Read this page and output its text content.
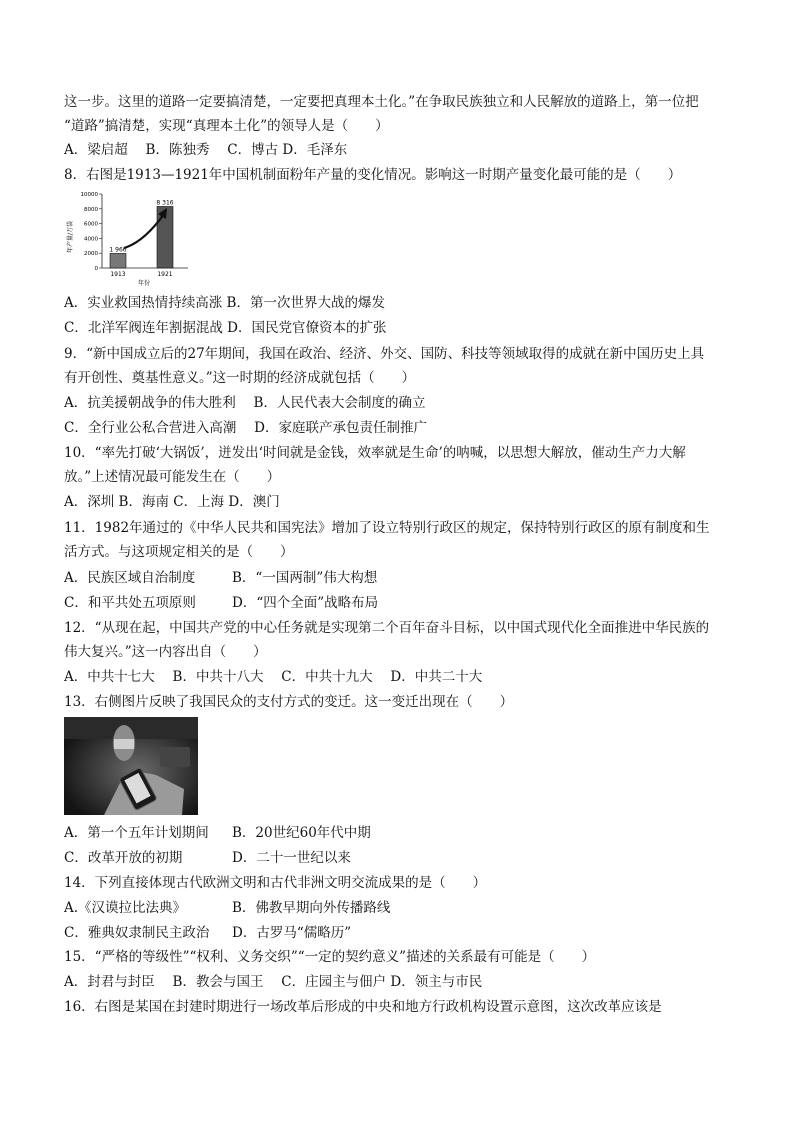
这一步。这里的道路一定要搞清楚，一定要把真理本土化。”在争取民族独立和人民解放的道路上，第一位把
“道路”搞清楚，实现“真理本土化”的领导人是（　　）
A．梁启超　 B．陈独秀　 C．博古 D．毛泽东
8．右图是1913—1921年中国机制面粉年产量的变化情况。影响这一时期产量变化最可能的是（　　）
年产量/万袋
10000
8000
6000
4000
2000
0
1 966
8 316
1913	1921
年份
A．实业救国热情持续高涨 B．第一次世界大战的爆发
C．北洋军阀连年割据混战 D．国民党官僚资本的扩张
9．“新中国成立后的27年期间，我国在政治、经济、外交、国防、科技等领域取得的成就在新中国历史上具
有开创性、奠基性意义。”这一时期的经济成就包括（　　）
A．抗美援朝战争的伟大胜利　 B．人民代表大会制度的确立
C．全行业公私合营进入高潮　 D．家庭联产承包责任制推广
10．“率先打破‘大锅饭’，迸发出‘时间就是金钱，效率就是生命’的呐喊，以思想大解放，催动生产力大解
放。”上述情况最可能发生在（　　）
A．深圳 B．海南 C．上海 D．澳门
11．1982年通过的《中华人民共和国宪法》增加了设立特别行政区的规定，保持特别行政区的原有制度和生
活方式。与这项规定相关的是（　　）
A．民族区域自治制度	B．“一国两制”伟大构想
C．和平共处五项原则	D．“四个全面”战略布局
12．“从现在起，中国共产党的中心任务就是实现第二个百年奋斗目标，以中国式现代化全面推进中华民族的
伟大复兴。”这一内容出自（　　）
A．中共十七大　 B．中共十八大　 C．中共十九大　 D．中共二十大
13．右侧图片反映了我国民众的支付方式的变迁。这一变迁出现在（　　）
A．第一个五年计划期间 B．20世纪60年代中期
C．改革开放的初期	D．二十一世纪以来
14．下列直接体现古代欧洲文明和古代非洲文明交流成果的是（　　）
A.《汉谟拉比法典》	B．佛教早期向外传播路线
C．雅典奴隶制民主政治 D．古罗马“儒略历”
15．“严格的等级性”“权利、义务交织”“一定的契约意义”描述的关系最有可能是（　　）
A．封君与封臣　 B．教会与国王　 C．庄园主与佃户 D．领主与市民
16．右图是某国在封建时期进行一场改革后形成的中央和地方行政机构设置示意图，这次改革应该是
